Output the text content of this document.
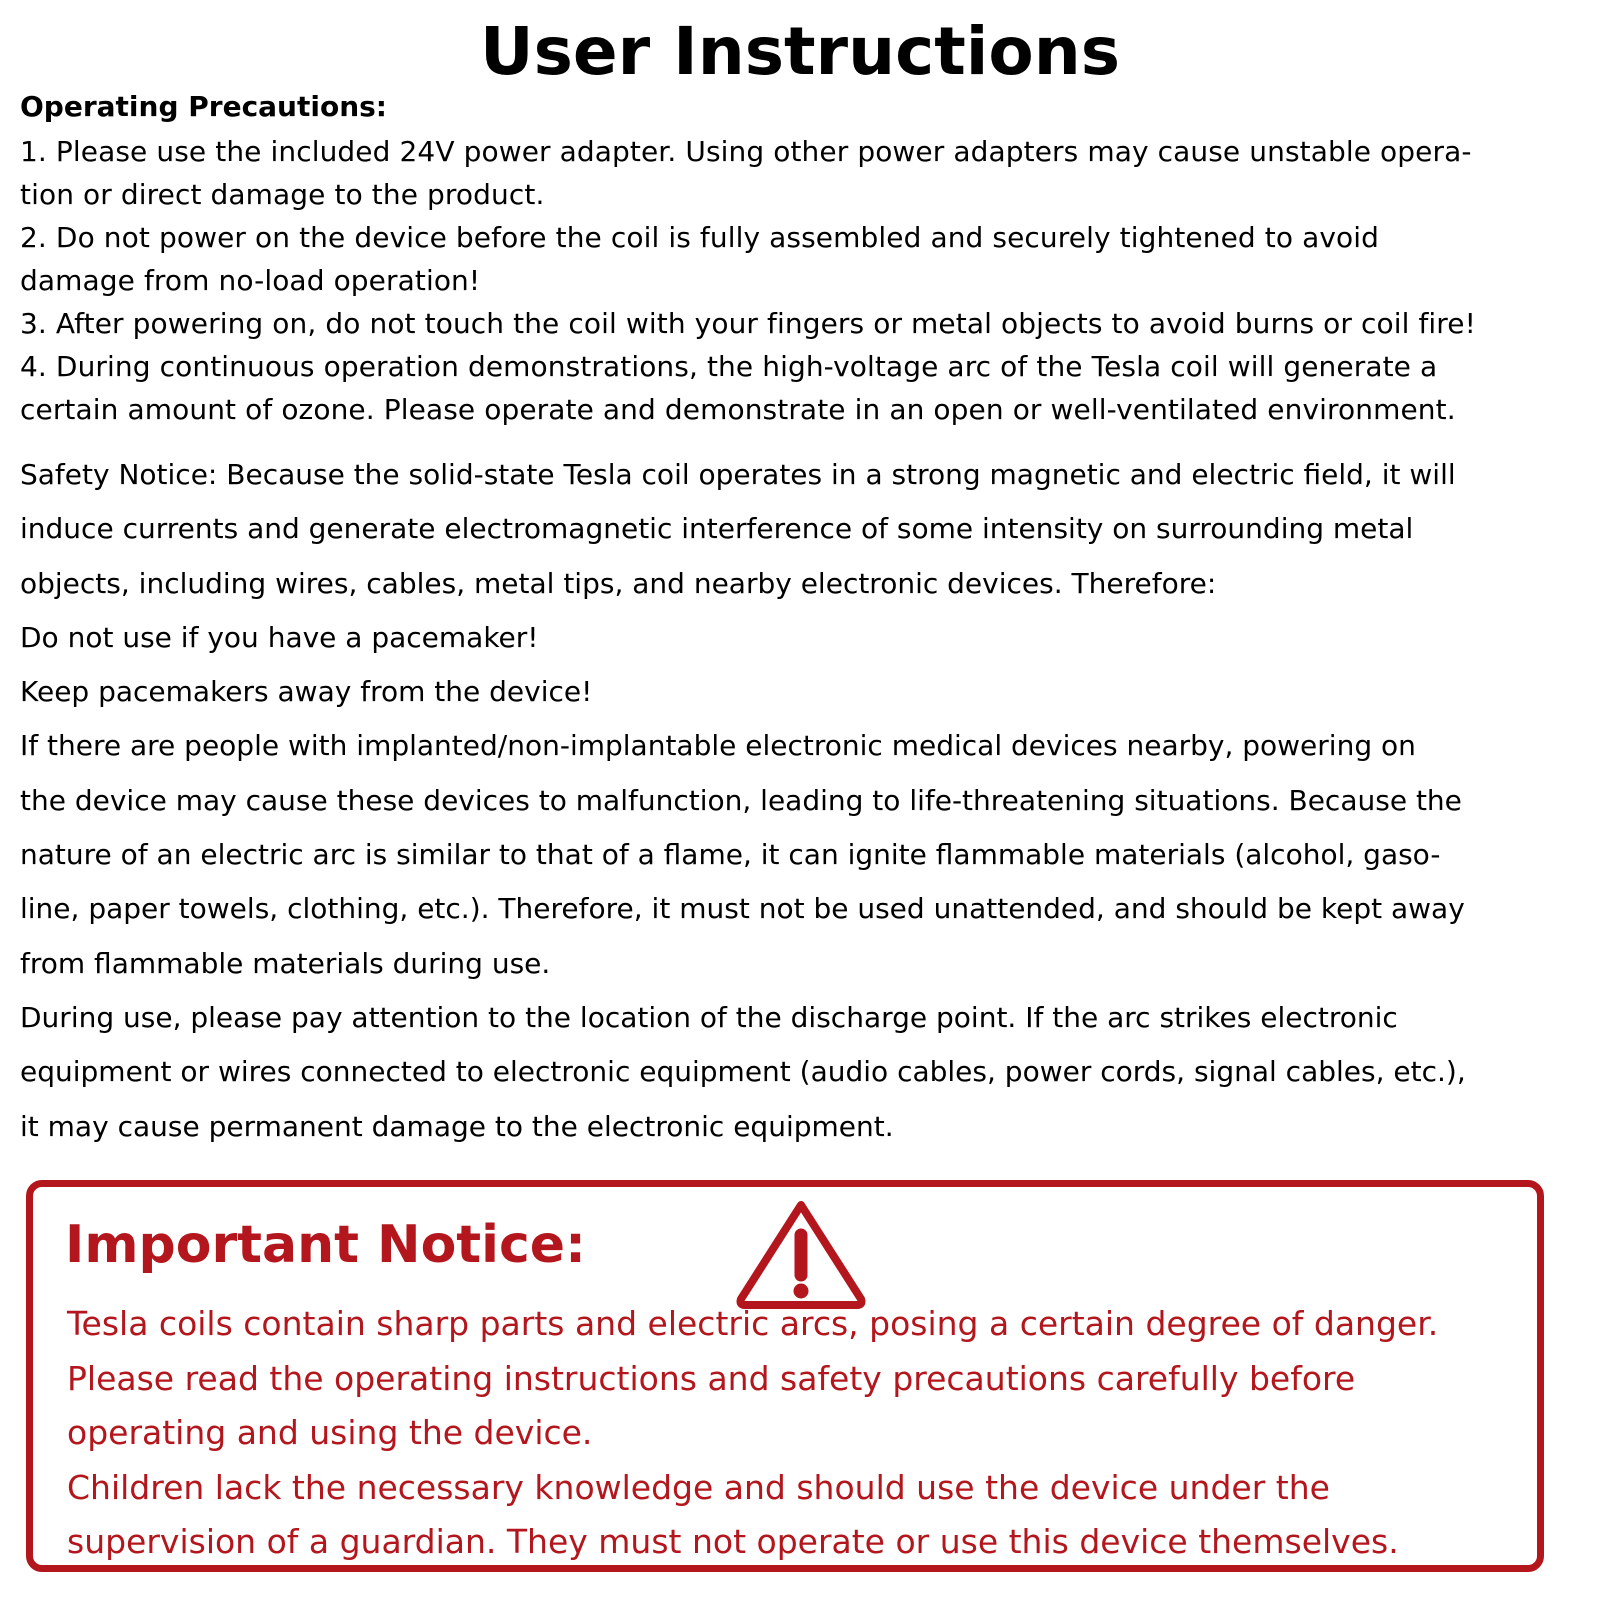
User Instructions

Operating Precautions:

1. Please use the included 24V power adapter. Using other power adapters may cause unstable opera-

tion or direct damage to the product.

2. Do not power on the device before the coil is fully assembled and securely tightened to avoid

damage from no-load operation!

3. After powering on, do not touch the coil with your fingers or metal objects to avoid burns or coil fire!

4. During continuous operation demonstrations, the high-voltage arc of the Tesla coil will generate a

certain amount of ozone. Please operate and demonstrate in an open or well-ventilated environment.

Safety Notice: Because the solid-state Tesla coil operates in a strong magnetic and electric field, it will

induce currents and generate electromagnetic interference of some intensity on surrounding metal

objects, including wires, cables, metal tips, and nearby electronic devices. Therefore:

Do not use if you have a pacemaker!

Keep pacemakers away from the device!

If there are people with implanted/non-implantable electronic medical devices nearby, powering on

the device may cause these devices to malfunction, leading to life-threatening situations. Because the

nature of an electric arc is similar to that of a flame, it can ignite flammable materials (alcohol, gaso-

line, paper towels, clothing, etc.). Therefore, it must not be used unattended, and should be kept away

from flammable materials during use.

During use, please pay attention to the location of the discharge point. If the arc strikes electronic

equipment or wires connected to electronic equipment (audio cables, power cords, signal cables, etc.),

it may cause permanent damage to the electronic equipment.

Important Notice:

Tesla coils contain sharp parts and electric arcs, posing a certain degree of danger.

Please read the operating instructions and safety precautions carefully before

operating and using the device.

Children lack the necessary knowledge and should use the device under the

supervision of a guardian. They must not operate or use this device themselves.
